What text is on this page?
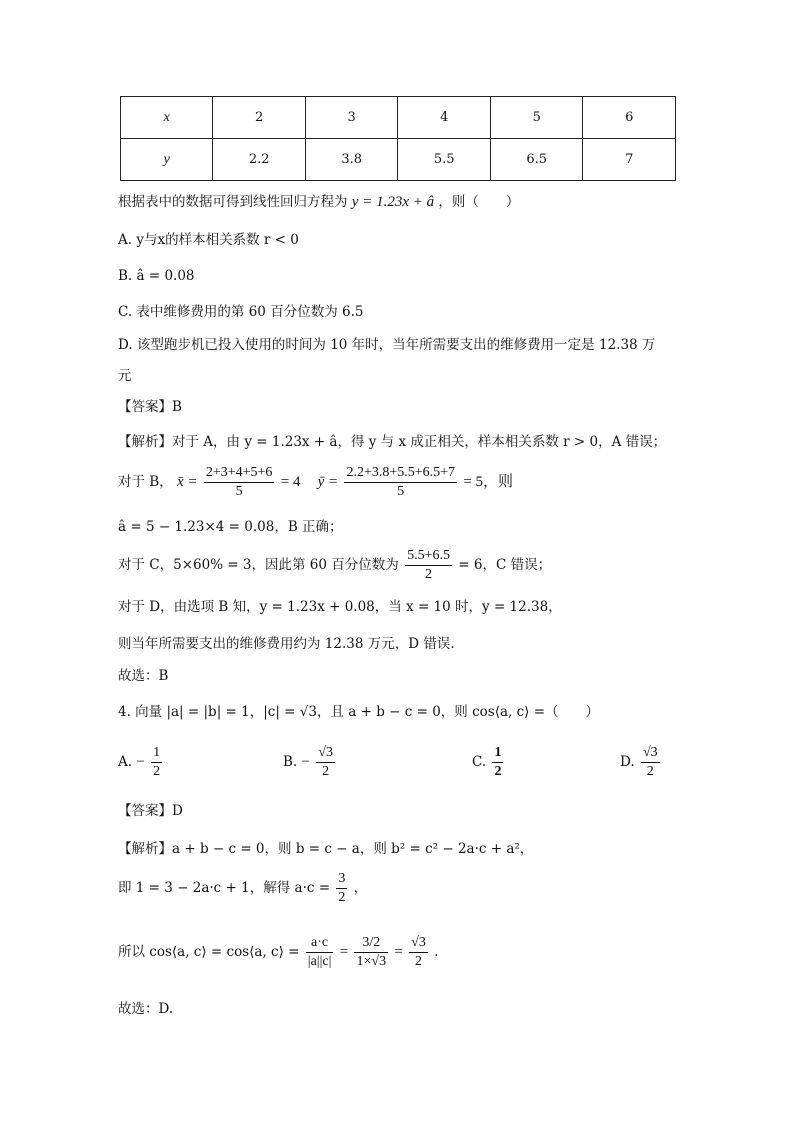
x	2	3	4	5	6
y	2.2	3.8	5.5	6.5	7
根据表中的数据可得到线性回归方程为 y = 1.23x + â ，则（　　）
A. y与x的样本相关系数 r < 0
B. â = 0.08
C. 表中维修费用的第 60 百分位数为 6.5
D. 该型跑步机已投入使用的时间为 10 年时，当年所需要支出的维修费用一定是 12.38 万
元
【答案】B
【解析】对于 A，由 y = 1.23x + â，得 y 与 x 成正相关，样本相关系数 r > 0，A 错误；
对于 B， x̄ = $\frac{2+3+4+5+6}{5} = 4$ ȳ = $\frac{2.2+3.8+5.5+6.5+7}{5} = 5$，则
â = 5 − 1.23×4 = 0.08，B 正确；
对于 C，5×60% = 3，因此第 60 百分位数为 $\frac{5.5+6.5}{2} = 6$，C 错误；
对于 D，由选项 B 知，y = 1.23x + 0.08，当 x = 10 时，y = 12.38，
则当年所需要支出的维修费用约为 12.38 万元，D 错误.
故选：B
4. 向量 |a| = |b| = 1，|c| = √3，且 a + b − c = 0，则 cos⟨a, c⟩ =（　　）
A. − $\frac{1}{2}$	B. − $\frac{√3}{2}$	C. $\frac{1}{2}$	D. $\frac{√3}{2}$
【答案】D
【解析】a + b − c = 0，则 b = c − a，则 b² = c² − 2a·c + a²，
即 1 = 3 − 2a·c + 1，解得 $a\cdot c = \frac{3}{2}$ ，
所以 cos⟨a, c⟩ = cos⟨a, c⟩ = $\frac{a\cdot c}{|a||c|} = \frac{3/2}{1\times√3} = \frac{√3}{2}$ .
故选：D.
